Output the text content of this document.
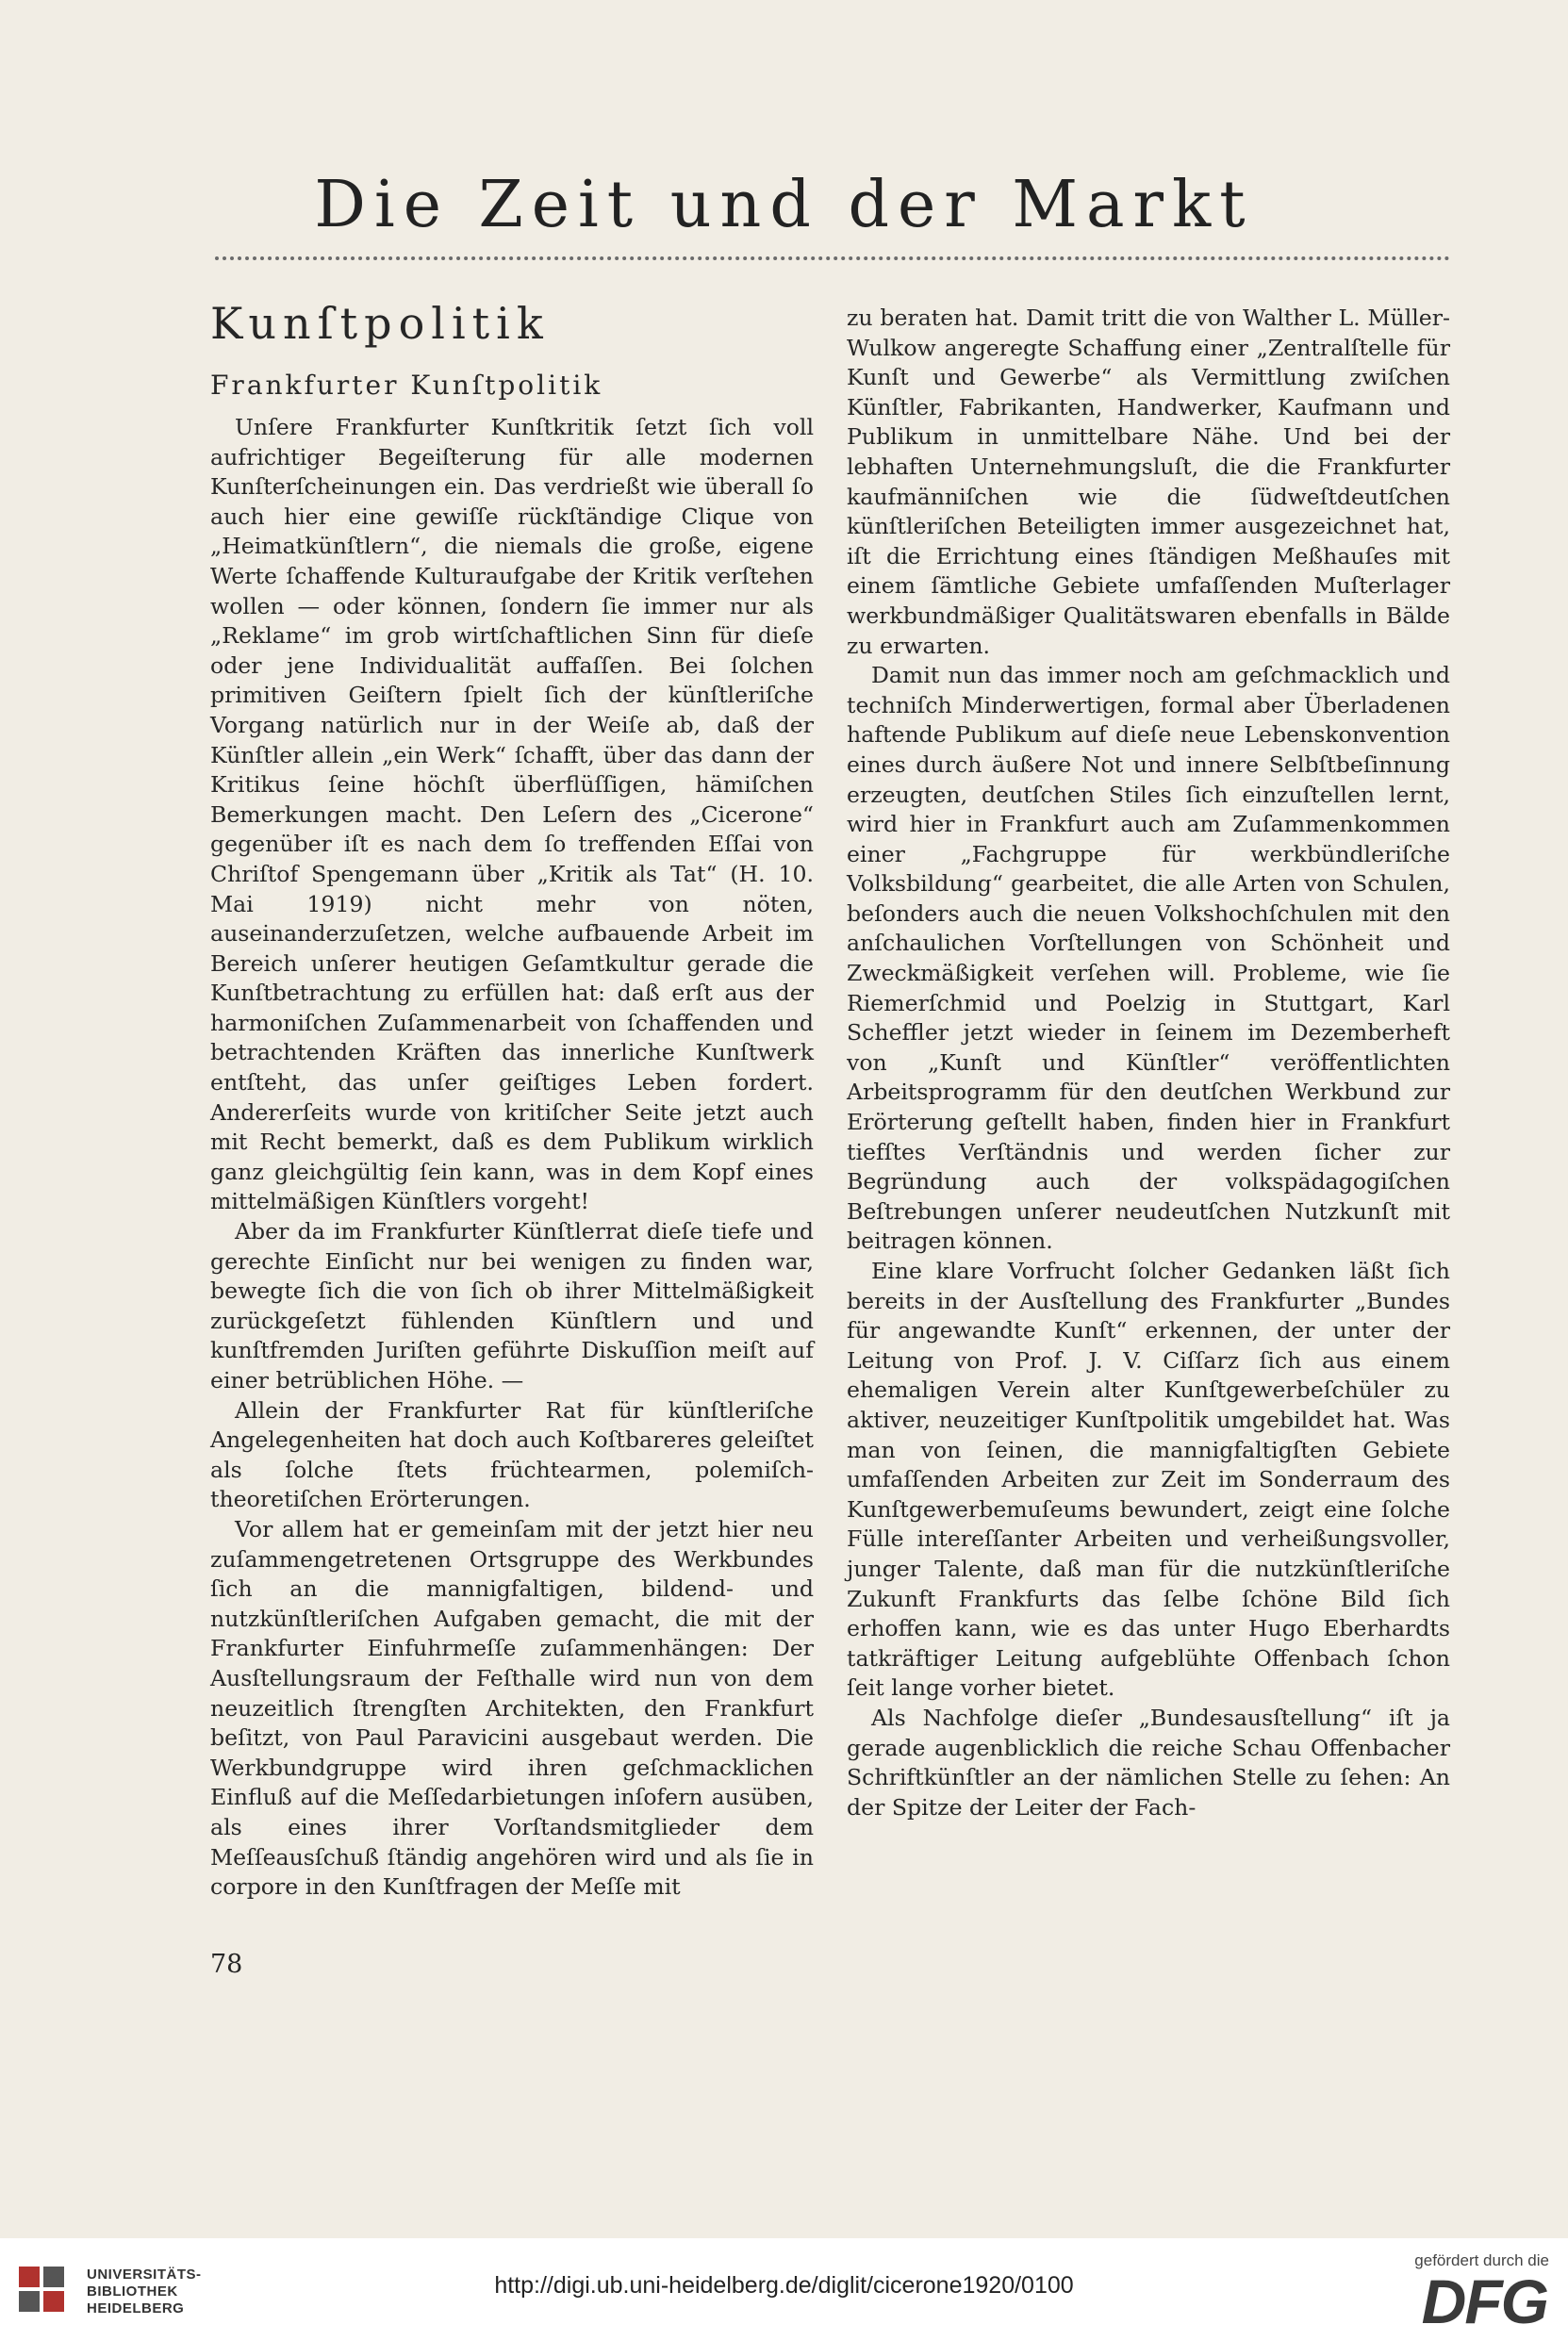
Die Zeit und der Markt
Kunſtpolitik
Frankfurter Kunſtpolitik

Unſere Frankfurter Kunſtkritik ſetzt ſich voll aufrichtiger Begeiſterung für alle modernen Kunſterſcheinungen ein. Das verdrießt wie überall ſo auch hier eine gewiſſe rückſtändige Clique von „Heimatkünſtlern“, die niemals die große, eigene Werte ſchaffende Kulturaufgabe der Kritik verſtehen wollen — oder können, ſondern ſie immer nur als „Reklame“ im grob wirtſchaftlichen Sinn für dieſe oder jene Individualität auffaſſen. Bei ſolchen primitiven Geiſtern ſpielt ſich der künſtleriſche Vorgang natürlich nur in der Weiſe ab, daß der Künſtler allein „ein Werk“ ſchafft, über das dann der Kritikus ſeine höchſt überflüſſigen, hämiſchen Bemerkungen macht. Den Leſern des „Cicerone“ gegenüber iſt es nach dem ſo treffenden Eſſai von Chriſtof Spengemann über „Kritik als Tat“ (H. 10. Mai 1919) nicht mehr von nöten, auseinanderzuſetzen, welche aufbauende Arbeit im Bereich unſerer heutigen Geſamtkultur gerade die Kunſtbetrachtung zu erfüllen hat: daß erſt aus der harmoniſchen Zuſammenarbeit von ſchaffenden und betrachtenden Kräften das innerliche Kunſtwerk entſteht, das unſer geiſtiges Leben fordert. Andererſeits wurde von kritiſcher Seite jetzt auch mit Recht bemerkt, daß es dem Publikum wirklich ganz gleichgültig ſein kann, was in dem Kopf eines mittelmäßigen Künſtlers vorgeht!

Aber da im Frankfurter Künſtlerrat dieſe tiefe und gerechte Einſicht nur bei wenigen zu finden war, bewegte ſich die von ſich ob ihrer Mittelmäßigkeit zurückgeſetzt fühlenden Künſtlern und und kunſtfremden Juriſten geführte Diskuſſion meiſt auf einer betrüblichen Höhe. —

Allein der Frankfurter Rat für künſtleriſche Angelegenheiten hat doch auch Koſtbareres geleiſtet als ſolche ſtets früchtearmen, polemiſch-theoretiſchen Erörterungen.

Vor allem hat er gemeinſam mit der jetzt hier neu zuſammengetretenen Ortsgruppe des Werkbundes ſich an die mannigfaltigen, bildend- und nutzkünſtleriſchen Aufgaben gemacht, die mit der Frankfurter Einfuhrmeſſe zuſammenhängen: Der Ausſtellungsraum der Feſthalle wird nun von dem neuzeitlich ſtrengſten Architekten, den Frankfurt beſitzt, von Paul Paravicini ausgebaut werden. Die Werkbundgruppe wird ihren geſchmacklichen Einfluß auf die Meſſedarbietungen inſofern ausüben, als eines ihrer Vorſtandsmitglieder dem Meſſeausſchuß ſtändig angehören wird und als ſie in corpore in den Kunſtfragen der Meſſe mit

zu beraten hat. Damit tritt die von Walther L. Müller-Wulkow angeregte Schaffung einer „Zentralſtelle für Kunſt und Gewerbe“ als Vermittlung zwiſchen Künſtler, Fabrikanten, Handwerker, Kaufmann und Publikum in unmittelbare Nähe. Und bei der lebhaften Unternehmungsluſt, die die Frankfurter kaufmänniſchen wie die ſüdweſtdeutſchen künſtleriſchen Beteiligten immer ausgezeichnet hat, iſt die Errichtung eines ſtändigen Meßhauſes mit einem ſämtliche Gebiete umfaſſenden Muſterlager werkbundmäßiger Qualitätswaren ebenfalls in Bälde zu erwarten.

Damit nun das immer noch am geſchmacklich und techniſch Minderwertigen, formal aber Überladenen haftende Publikum auf dieſe neue Lebenskonvention eines durch äußere Not und innere Selbſtbeſinnung erzeugten, deutſchen Stiles ſich einzuſtellen lernt, wird hier in Frankfurt auch am Zuſammenkommen einer „Fachgruppe für werkbündleriſche Volksbildung“ gearbeitet, die alle Arten von Schulen, beſonders auch die neuen Volkshochſchulen mit den anſchaulichen Vorſtellungen von Schönheit und Zweckmäßigkeit verſehen will. Probleme, wie ſie Riemerſchmid und Poelzig in Stuttgart, Karl Scheffler jetzt wieder in ſeinem im Dezemberheft von „Kunſt und Künſtler“ veröffentlichten Arbeitsprogramm für den deutſchen Werkbund zur Erörterung geſtellt haben, finden hier in Frankfurt tiefſtes Verſtändnis und werden ſicher zur Begründung auch der volkspädagogiſchen Beſtrebungen unſerer neudeutſchen Nutzkunſt mit beitragen können.

Eine klare Vorfrucht ſolcher Gedanken läßt ſich bereits in der Ausſtellung des Frankfurter „Bundes für angewandte Kunſt“ erkennen, der unter der Leitung von Prof. J. V. Ciſſarz ſich aus einem ehemaligen Verein alter Kunſtgewerbeſchüler zu aktiver, neuzeitiger Kunſtpolitik umgebildet hat. Was man von ſeinen, die mannigfaltigſten Gebiete umfaſſenden Arbeiten zur Zeit im Sonderraum des Kunſtgewerbemuſeums bewundert, zeigt eine ſolche Fülle intereſſanter Arbeiten und verheißungsvoller, junger Talente, daß man für die nutzkünſtleriſche Zukunft Frankfurts das ſelbe ſchöne Bild ſich erhoffen kann, wie es das unter Hugo Eberhardts tatkräftiger Leitung aufgeblühte Offenbach ſchon ſeit lange vorher bietet.

Als Nachfolge dieſer „Bundesausſtellung“ iſt ja gerade augenblicklich die reiche Schau Offenbacher Schriftkünſtler an der nämlichen Stelle zu ſehen: An der Spitze der Leiter der Fach-

78
UNIVERSITÄTS-
BIBLIOTHEK
HEIDELBERG
http://digi.ub.uni-heidelberg.de/diglit/cicerone1920/0100
gefördert durch die
DFG
